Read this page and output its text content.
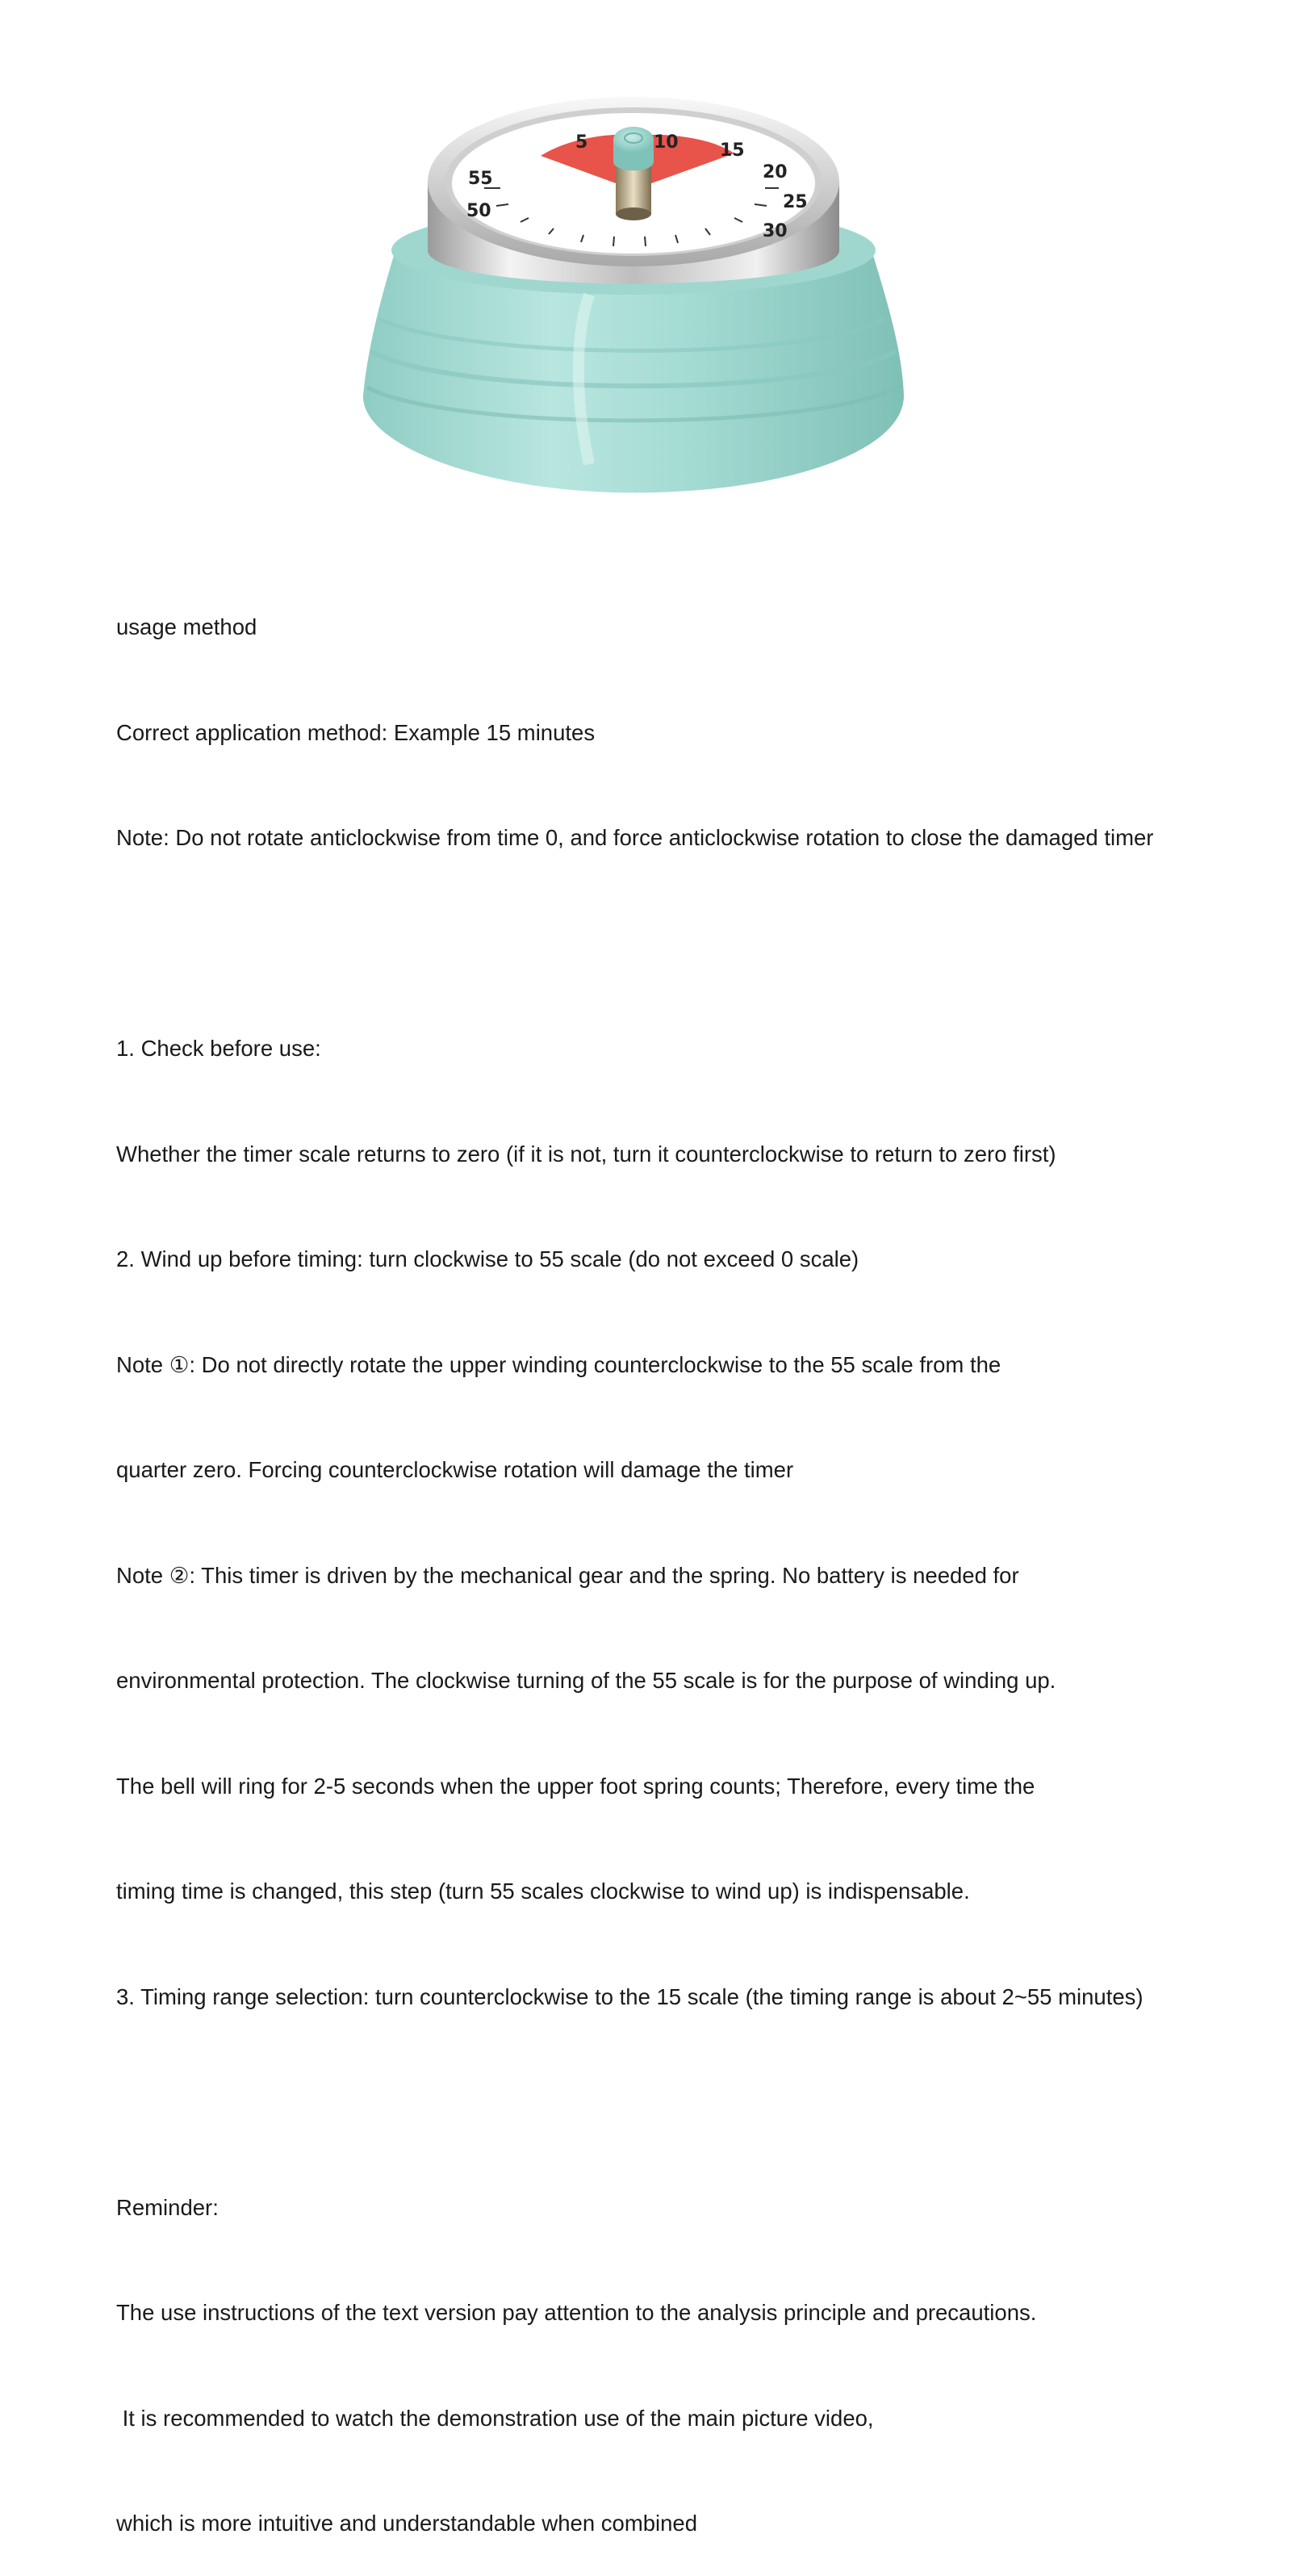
5	10 15
20
25
30
55
50

usage method

Correct application method: Example 15 minutes

Note: Do not rotate anticlockwise from time 0, and force anticlockwise rotation to close the damaged timer

1. Check before use:

Whether the timer scale returns to zero (if it is not, turn it counterclockwise to return to zero first)

2. Wind up before timing: turn clockwise to 55 scale (do not exceed 0 scale)

Note ①: Do not directly rotate the upper winding counterclockwise to the 55 scale from the

quarter zero. Forcing counterclockwise rotation will damage the timer

Note ②: This timer is driven by the mechanical gear and the spring. No battery is needed for

environmental protection. The clockwise turning of the 55 scale is for the purpose of winding up.

The bell will ring for 2-5 seconds when the upper foot spring counts; Therefore, every time the

timing time is changed, this step (turn 55 scales clockwise to wind up) is indispensable.

3. Timing range selection: turn counterclockwise to the 15 scale (the timing range is about 2~55 minutes)

Reminder:

The use instructions of the text version pay attention to the analysis principle and precautions.

It is recommended to watch the demonstration use of the main picture video,

which is more intuitive and understandable when combined
